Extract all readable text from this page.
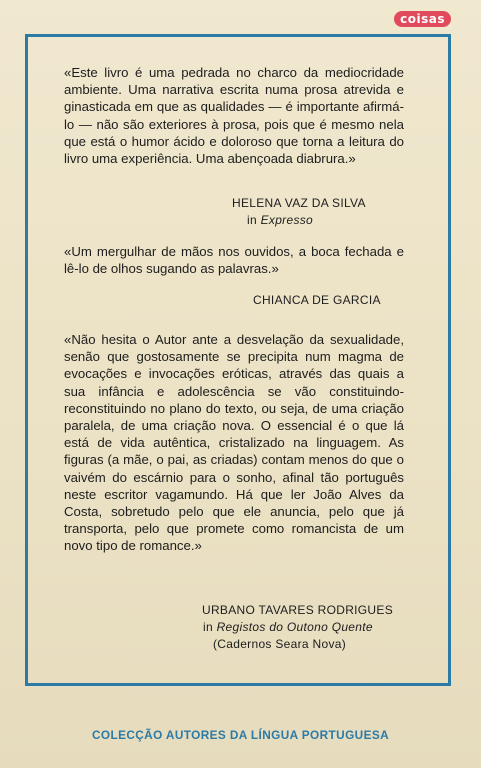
coisas

«Este livro é uma pedrada no charco da mediocridade ambiente. Uma narrativa escrita numa prosa atrevida e ginasticada em que as qualidades — é importante afirmá-lo — não são exteriores à prosa, pois que é mesmo nela que está o humor ácido e doloroso que torna a leitura do livro uma experiência. Uma abençoada diabrura.»

HELENA VAZ DA SILVA
in Expresso

«Um mergulhar de mãos nos ouvidos, a boca fechada e lê-lo de olhos sugando as palavras.»

CHIANCA DE GARCIA

«Não hesita o Autor ante a desvelação da sexualidade, senão que gostosamente se precipita num magma de evocações e invocações eróticas, através das quais a sua infância e adolescência se vão constituindo-reconstituindo no plano do texto, ou seja, de uma criação paralela, de uma criação nova. O essencial é o que lá está de vida autêntica, cristalizado na linguagem. As figuras (a mãe, o pai, as criadas) contam menos do que o vaivém do escárnio para o sonho, afinal tão português neste escritor vagamundo. Há que ler João Alves da Costa, sobretudo pelo que ele anuncia, pelo que já transporta, pelo que promete como romancista de um novo tipo de romance.»

URBANO TAVARES RODRIGUES
in Registos do Outono Quente
(Cadernos Seara Nova)
COLECÇÃO AUTORES DA LÍNGUA PORTUGUESA
